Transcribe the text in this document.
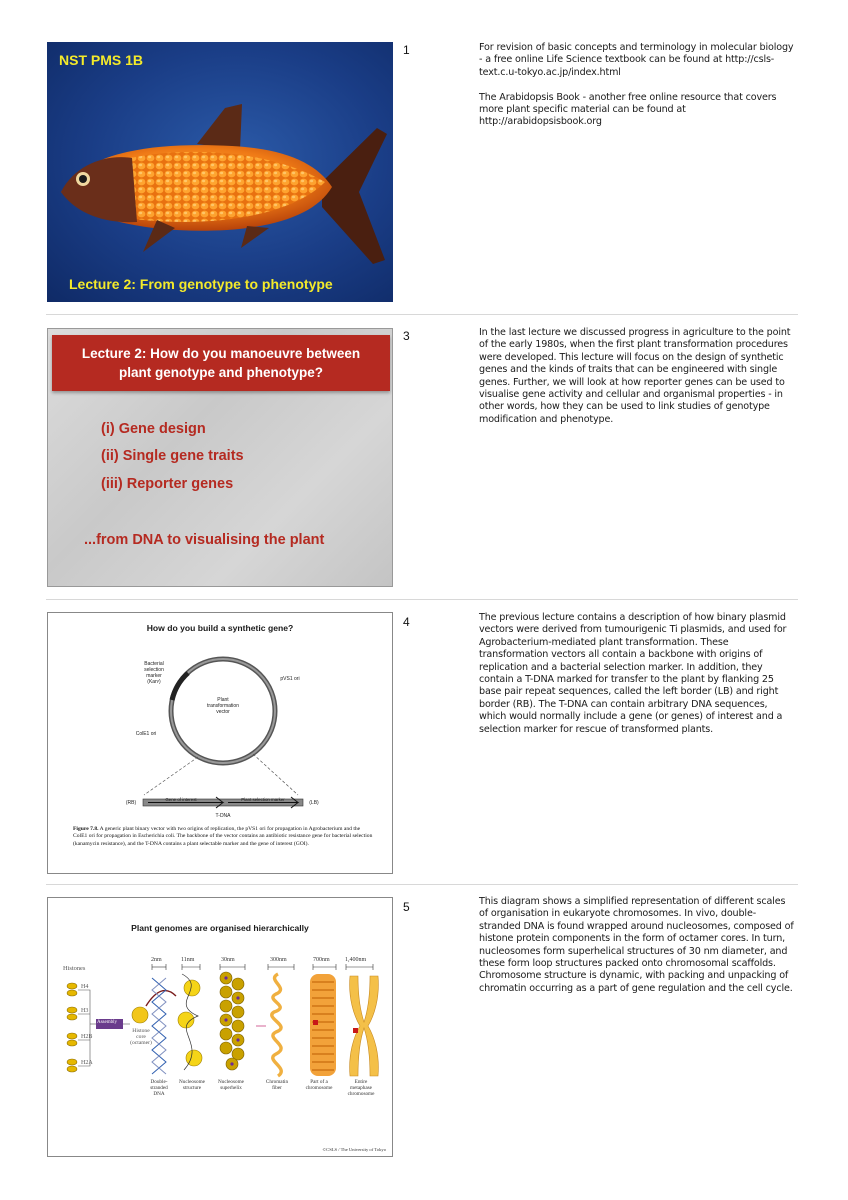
NST PMS 1B
Lecture 2: From genotype to phenotype
1	For revision of basic concepts and terminology in molecular biology - a free online Life Science textbook can be found at http://csls-text.c.u-tokyo.ac.jp/index.html

The Arabidopsis Book - another free online resource that covers more plant specific material can be found at http://arabidopsisbook.org

Lecture 2: How do you manoeuvre between
plant genotype and phenotype?
(i) Gene design
(ii) Single gene traits
(iii) Reporter genes
...from DNA to visualising the plant
3	In the last lecture we discussed progress in agriculture to the point of the early 1980s, when the first plant transformation procedures were developed. This lecture will focus on the design of synthetic genes and the kinds of traits that can be engineered with single genes. Further, we will look at how reporter genes can be used to visualise gene activity and cellular and organismal properties - in other words, how they can be used to link studies of genotype modification and phenotype.

How do you build a synthetic gene?
Bacterial
selection
marker
(Kanʳ)	pVS1 ori
Plant
transformation
vector
ColE1 ori
(RB)	(LB)
Gene of interest	Plant selection marker
T-DNA
Figure 7.8. A generic plant binary vector with two origins of replication, the pVS1 ori for propagation in Agrobacterium and the ColE1 ori for propagation in Escherichia coli. The backbone of the vector contains an antibiotic resistance gene for bacterial selection (kanamycin resistance), and the T-DNA contains a plant selectable marker and the gene of interest (GOI).
4	The previous lecture contains a description of how binary plasmid vectors were derived from tumourigenic Ti plasmids, and used for Agrobacterium-mediated plant transformation. These transformation vectors all contain a backbone with origins of replication and a bacterial selection marker. In addition, they contain a T-DNA marked for transfer to the plant by flanking 25 base pair repeat sequences, called the left border (LB) and right border (RB). The T-DNA can contain arbitrary DNA sequences, which would normally include a gene (or genes) of interest and a selection marker for rescue of transformed plants.

Plant genomes are organised hierarchically
2nm	11nm	30nm	300nm	700nm	1,400nm
Histones
H4
H3
H2B
H2A
Assembly
Histone
core
(octamer)
Double-
stranded
DNA
Nucleosome
structure
Nucleosome
superhelix
Chromatin
fiber
Part of a
chromosome
Entire
metaphase
chromosome
©CSLS / The University of Tokyo
5	This diagram shows a simplified representation of different scales of organisation in eukaryote chromosomes. In vivo, double-stranded DNA is found wrapped around nucleosomes, composed of histone protein components in the form of octamer cores. In turn, nucleosomes form superhelical structures of 30 nm diameter, and these form loop structures packed onto chromosomal scaffolds. Chromosome structure is dynamic, with packing and unpacking of chromatin occurring as a part of gene regulation and the cell cycle.
